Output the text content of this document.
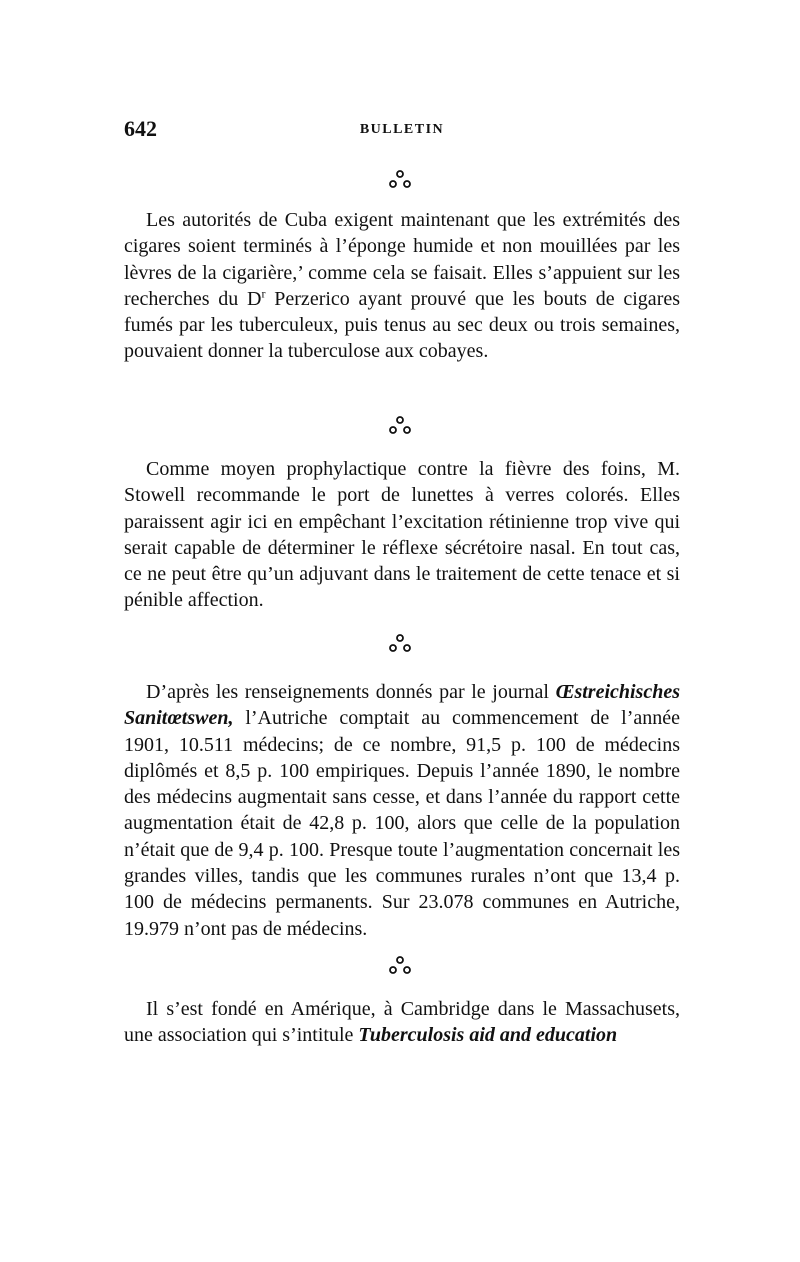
642	BULLETIN

Les autorités de Cuba exigent maintenant que les extrémités des cigares soient terminés à l’éponge humide et non mouillées par les lèvres de la cigarière,’ comme cela se faisait. Elles s’appuient sur les recherches du $D^r$ Perzerico ayant prouvé que les bouts de cigares fumés par les tuberculeux, puis tenus au sec deux ou trois semaines, pouvaient donner la tuberculose aux cobayes.

Comme moyen prophylactique contre la fièvre des foins, M. Stowell recommande le port de lunettes à verres colorés. Elles paraissent agir ici en empêchant l’excitation rétinienne trop vive qui serait capable de déterminer le réflexe sécrétoire nasal. En tout cas, ce ne peut être qu’un adjuvant dans le traitement de cette tenace et si pénible affection.

D’après les renseignements donnés par le journal Œstreichisches Sanitœtswen, l’Autriche comptait au commencement de l’année 1901, 10.511 médecins; de ce nombre, 91,5 p. 100 de médecins diplômés et 8,5 p. 100 empiriques. Depuis l’année 1890, le nombre des médecins augmentait sans cesse, et dans l’année du rapport cette augmentation était de 42,8 p. 100, alors que celle de la population n’était que de 9,4 p. 100. Presque toute l’augmentation concernait les grandes villes, tandis que les communes rurales n’ont que 13,4 p. 100 de médecins permanents. Sur 23.078 communes en Autriche, 19.979 n’ont pas de médecins.

Il s’est fondé en Amérique, à Cambridge dans le Massachusets, une association qui s’intitule Tuberculosis aid and education
